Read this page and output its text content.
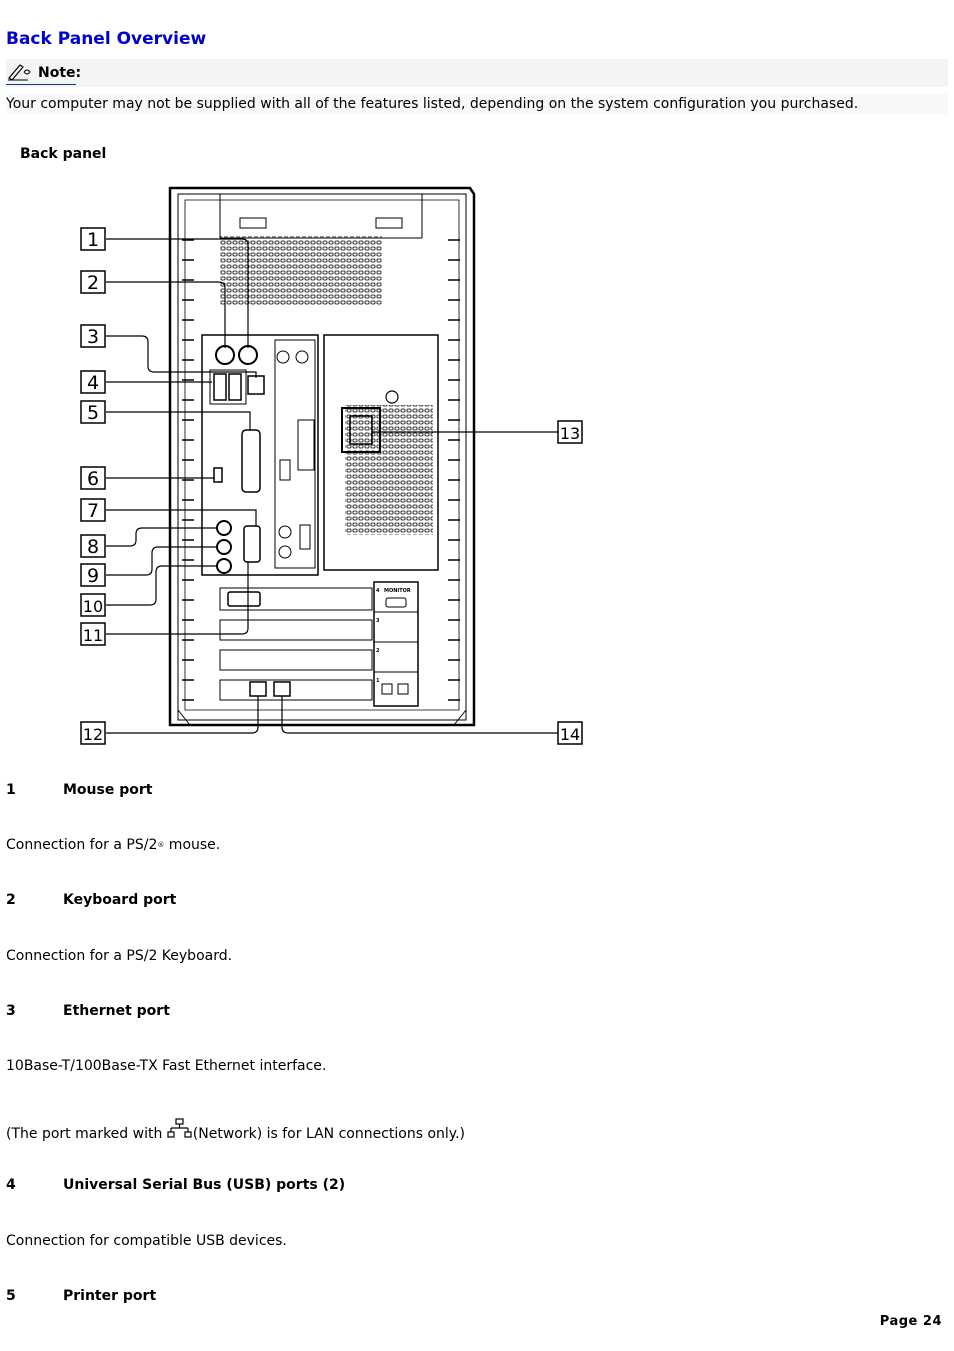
Back Panel Overview
Note:
Your computer may not be supplied with all of the features listed, depending on the system configuration you purchased.
Back panel
4 MONITOR
3
2
1
1
2
3
4
5
6
7
8
9
10
11
12
13
14
1	Mouse port
Connection for a PS/2® mouse.
2	Keyboard port
Connection for a PS/2 Keyboard.
3	Ethernet port
10Base-T/100Base-TX Fast Ethernet interface.
(The port marked with (Network) is for LAN connections only.)
4	Universal Serial Bus (USB) ports (2)
Connection for compatible USB devices.
5	Printer port
Page 24
